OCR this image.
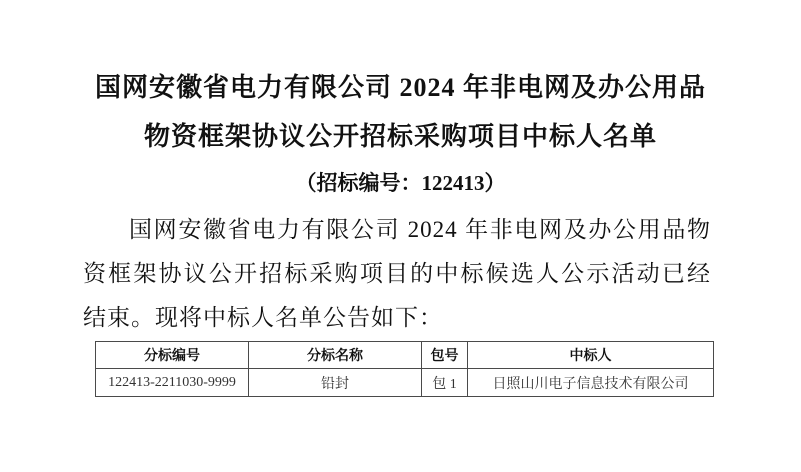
国网安徽省电力有限公司 2024 年非电网及办公用品
物资框架协议公开招标采购项目中标人名单
（招标编号：122413）
国网安徽省电力有限公司 2024 年非电网及办公用品物
资框架协议公开招标采购项目的中标候选人公示活动已经
结束。现将中标人名单公告如下：
分标编号	分标名称	包号	中标人
122413-2211030-9999	铅封	包 1	日照山川电子信息技术有限公司
